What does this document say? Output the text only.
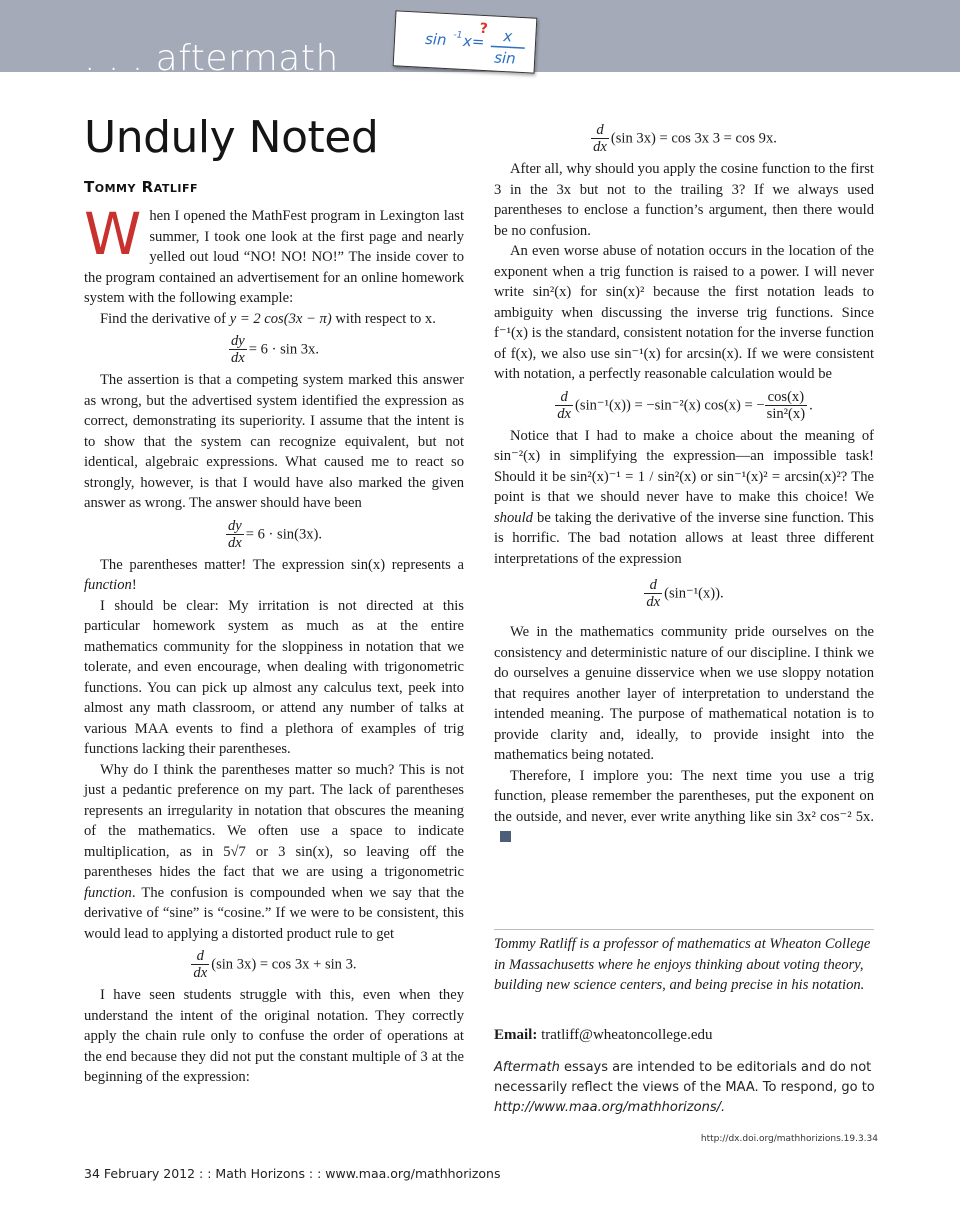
. . . aftermath	sin -1 x=
? x
sin
Unduly Noted
Tommy Ratliff

When I opened the MathFest program in Lexington last summer, I took one look at the first page and nearly yelled out loud “NO! NO! NO!” The inside cover to the program contained an advertisement for an online homework system with the following example:

Find the derivative of y = 2 cos(3x − π) with respect to x.

$\frac{dy}{dx} = 6 \cdot \sin 3x$.

The assertion is that a competing system marked this answer as wrong, but the advertised system identified the expression as correct, demonstrating its superiority. I assume that the intent is to show that the system can recognize equivalent, but not identical, algebraic expressions. What caused me to react so strongly, however, is that I would have also marked the given answer as wrong. The answer should have been

$\frac{dy}{dx} = 6 \cdot \sin(3x)$.

The parentheses matter! The expression sin(x) represents a function!

I should be clear: My irritation is not directed at this particular homework system as much as at the entire mathematics community for the sloppiness in notation that we tolerate, and even encourage, when dealing with trigonometric functions. You can pick up almost any calculus text, peek into almost any math classroom, or attend any number of talks at various MAA events to find a plethora of examples of trig functions lacking their parentheses.

Why do I think the parentheses matter so much? This is not just a pedantic preference on my part. The lack of parentheses represents an irregularity in notation that obscures the meaning of the mathematics. We often use a space to indicate multiplication, as in 5√7 or 3 sin(x), so leaving off the parentheses hides the fact that we are using a trigonometric function. The confusion is compounded when we say that the derivative of “sine” is “cosine.” If we were to be consistent, this would lead to applying a distorted product rule to get

$\frac{d}{dx} (\sin$ 3x) = cos 3x + sin 3.

I have seen students struggle with this, even when they understand the intent of the original notation. They correctly apply the chain rule only to confuse the order of operations at the end because they did not put the constant multiple of 3 at the beginning of the expression:

$\frac{d}{dx} (\sin$ 3x) = cos 3x 3 = cos 9x.

After all, why should you apply the cosine function to the first 3 in the 3x but not to the trailing 3? If we always used parentheses to enclose a function’s argument, then there would be no confusion.

An even worse abuse of notation occurs in the location of the exponent when a trig function is raised to a power. I will never write sin²(x) for sin(x)² because the first notation leads to ambiguity when discussing the inverse trig functions. Since f⁻¹(x) is the standard, consistent notation for the inverse function of f(x), we also use sin⁻¹(x) for arcsin(x). If we were consistent with notation, a perfectly reasonable calculation would be

$\frac{d}{dx} (\sin^{-1}(x)) = -\sin^{-2}(x) \cos(x)$ = − $\frac{\cos(x)}{\text{sin²(x)}}$ .

Notice that I had to make a choice about the meaning of sin⁻²(x) in simplifying the expression—an impossible task! Should it be sin²(x)⁻¹ = 1 / sin²(x) or sin⁻¹(x)² = arcsin(x)²? The point is that we should never have to make this choice! We should be taking the derivative of the inverse sine function. This is horrific. The bad notation allows at least three different interpretations of the expression

$\frac{d}{dx} (\sin^{-1}(x))$.

We in the mathematics community pride ourselves on the consistency and deterministic nature of our discipline. I think we do ourselves a genuine disservice when we use sloppy notation that requires another layer of interpretation to understand the intended meaning. The purpose of mathematical notation is to provide clarity and, ideally, to provide insight into the mathematics being notated.

Therefore, I implore you: The next time you use a trig function, please remember the parentheses, put the exponent on the outside, and never, ever write anything like sin 3x² cos⁻² 5x.

Tommy Ratliff is a professor of mathematics at Wheaton College in Massachusetts where he enjoys thinking about voting theory, building new science centers, and being precise in his notation.

Email: tratliff@wheatoncollege.edu

Aftermath essays are intended to be editorials and do not necessarily reflect the views of the MAA. To respond, go to http://www.maa.org/mathhorizons/.

http://dx.doi.org/mathhorizions.19.3.34
34 February 2012 : : Math Horizons : : www.maa.org/mathhorizons
